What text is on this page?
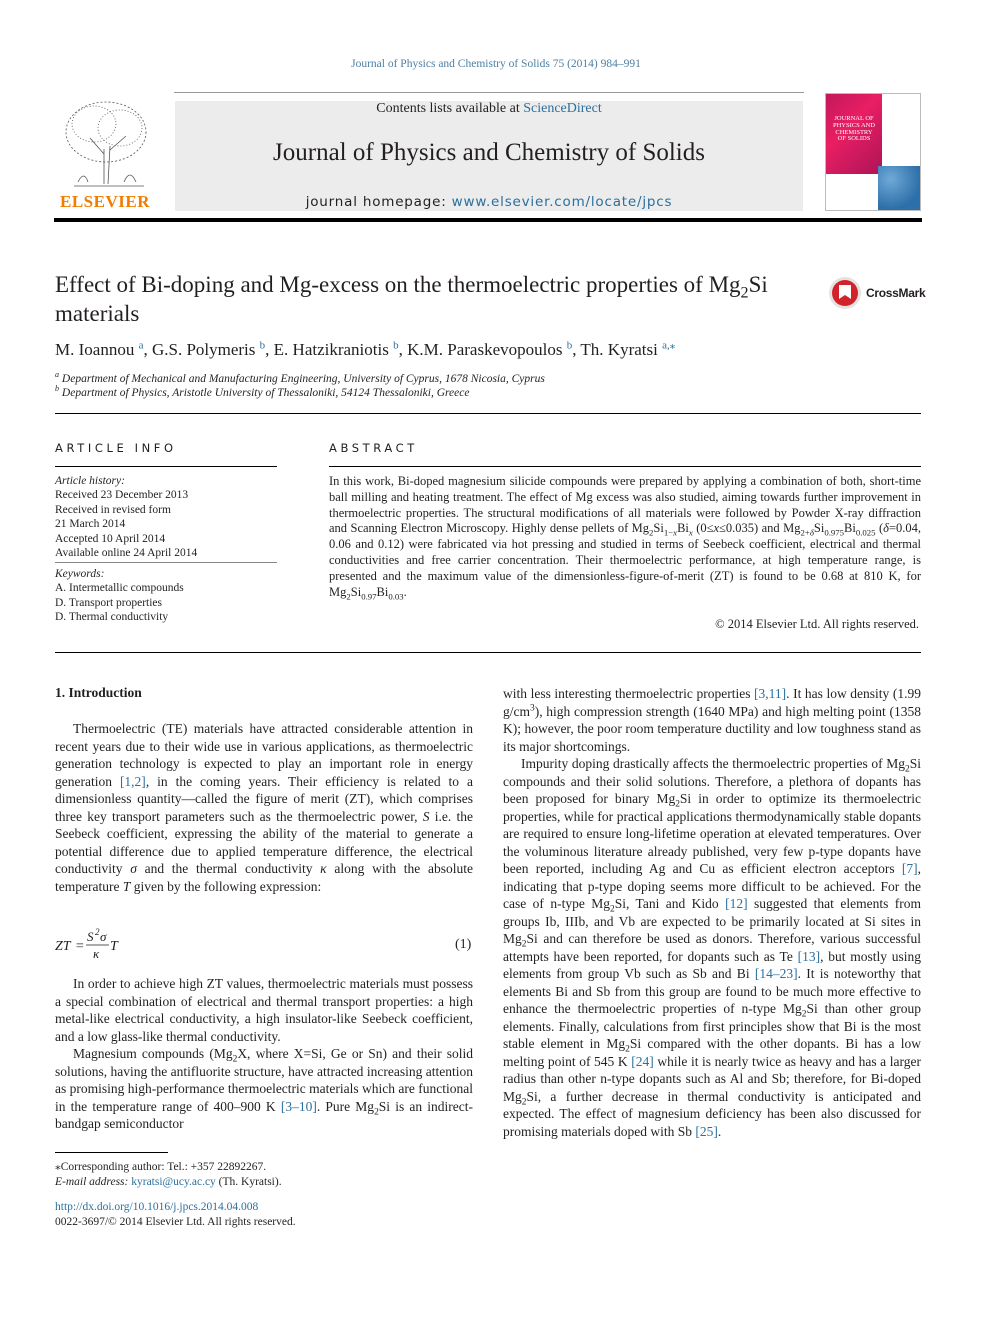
Journal of Physics and Chemistry of Solids 75 (2014) 984–991
ELSEVIER
Contents lists available at ScienceDirect
Journal of Physics and Chemistry of Solids
journal homepage: www.elsevier.com/locate/jpcs
JOURNAL OF PHYSICS AND CHEMISTRY OF SOLIDS
Effect of Bi-doping and Mg-excess on the thermoelectric properties of $Mg_2Si$ materials
CrossMark
M. Ioannou $^a$, G.S. Polymeris $^b$, E. Hatzikraniotis $^b$, K.M. Paraskevopoulos $^b$, Th. Kyratsi $^{a,⁎}$
$^a$ Department of Mechanical and Manufacturing Engineering, University of Cyprus, 1678 Nicosia, Cyprus
$^b$ Department of Physics, Aristotle University of Thessaloniki, 54124 Thessaloniki, Greece
ARTICLE INFO
Article history:
Received 23 December 2013
Received in revised form
21 March 2014
Accepted 10 April 2014
Available online 24 April 2014
Keywords:
A. Intermetallic compounds
D. Transport properties
D. Thermal conductivity
ABSTRACT
In this work, Bi-doped magnesium silicide compounds were prepared by applying a combination of both, short-time ball milling and heating treatment. The effect of Mg excess was also studied, aiming towards further improvement in thermoelectric properties. The structural modifications of all materials were followed by Powder X-ray diffraction and Scanning Electron Microscopy. Highly dense pellets of $Mg_2Si_{1-x}Bi_x$ (0≤x≤0.035) and $Mg_{2+\delta}Si_{0.975}Bi_{0.025}$ (δ=0.04, 0.06 and 0.12) were fabricated via hot pressing and studied in terms of Seebeck coefficient, electrical and thermal conductivities and free carrier concentration. Their thermoelectric performance, at high temperature range, is presented and the maximum value of the dimensionless-figure-of-merit (ZT) is found to be 0.68 at 810 K, for $Mg_2Si_{0.97}Bi_{0.03}$.
© 2014 Elsevier Ltd. All rights reserved.
1. Introduction

Thermoelectric (TE) materials have attracted considerable attention in recent years due to their wide use in various applications, as thermoelectric generation technology is expected to play an important role in energy generation [1,2], in the coming years. Their efficiency is related to a dimensionless quantity—called the figure of merit (ZT), which comprises three key transport parameters such as the thermoelectric power, S i.e. the Seebeck coefficient, expressing the ability of the material to generate a potential difference due to applied temperature difference, the electrical conductivity σ and the thermal conductivity κ along with the absolute temperature T given by the following expression:

ZT =
S 2 σ
κ T	(1)

In order to achieve high ZT values, thermoelectric materials must possess a special combination of electrical and thermal transport properties: a high metal-like electrical conductivity, a high insulator-like Seebeck coefficient, and a low glass-like thermal conductivity.

Magnesium compounds ($Mg_2X$, where X=Si, Ge or Sn) and their solid solutions, having the antifluorite structure, have attracted increasing attention as promising high-performance thermoelectric materials which are functional in the temperature range of 400–900 K [3–10]. Pure $Mg_2Si$ is an indirect-bandgap semiconductor

with less interesting thermoelectric properties [3,11]. It has low density (1.99 $g/cm^3$), high compression strength (1640 MPa) and high melting point (1358 K); however, the poor room temperature ductility and low toughness stand as its major shortcomings.

Impurity doping drastically affects the thermoelectric properties of $Mg_2Si$ compounds and their solid solutions. Therefore, a plethora of dopants has been proposed for binary $Mg_2Si$ in order to optimize its thermoelectric properties, while for practical applications thermodynamically stable dopants are required to ensure long-lifetime operation at elevated temperatures. Over the voluminous literature already published, very few p-type dopants have been reported, including Ag and Cu as efficient electron acceptors [7], indicating that p-type doping seems more difficult to be achieved. For the case of n-type $Mg_2Si$, Tani and Kido [12] suggested that elements from groups Ib, IIIb, and Vb are expected to be primarily located at Si sites in $Mg_2Si$ and can therefore be used as donors. Therefore, various successful attempts have been reported, for dopants such as Te [13], but mostly using elements from group Vb such as Sb and Bi [14–23]. It is noteworthy that elements Bi and Sb from this group are found to be much more effective to enhance the thermoelectric properties of n-type $Mg_2Si$ than other group elements. Finally, calculations from first principles show that Bi is the most stable element in $Mg_2Si$ compared with the other dopants. Bi has a low melting point of 545 K [24] while it is nearly twice as heavy and has a larger radius than other n-type dopants such as Al and Sb; therefore, for Bi-doped $Mg_2Si$, a further decrease in thermal conductivity is anticipated and expected. The effect of magnesium deficiency has been also discussed for promising materials doped with Sb [25].

⁎Corresponding author: Tel.: +357 22892267.
E-mail address: kyratsi@ucy.ac.cy (Th. Kyratsi).
http://dx.doi.org/10.1016/j.jpcs.2014.04.008
0022-3697/© 2014 Elsevier Ltd. All rights reserved.
